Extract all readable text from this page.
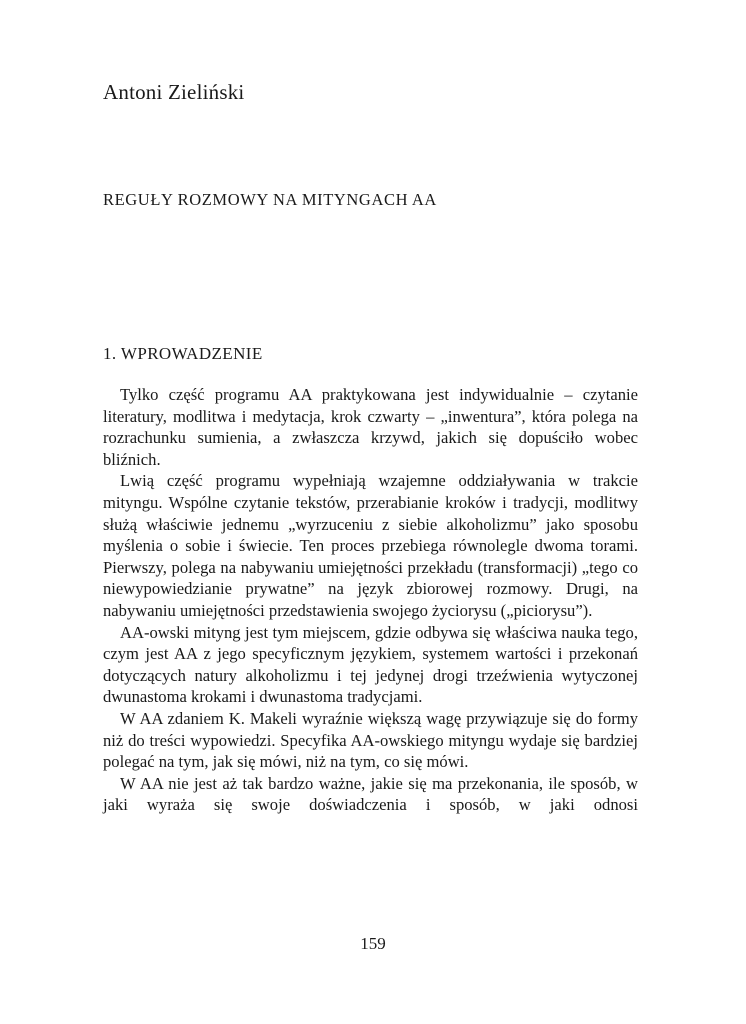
Antoni Zieliński
REGUŁY ROZMOWY NA MITYNGACH AA
1. WPROWADZENIE

Tylko część programu AA praktykowana jest indywidualnie – czytanie literatury, modlitwa i medytacja, krok czwarty – „inwentura”, która polega na rozrachunku sumienia, a zwłaszcza krzywd, jakich się dopuściło wobec bliźnich.

Lwią część programu wypełniają wzajemne oddziaływania w trakcie mityngu. Wspólne czytanie tekstów, przerabianie kroków i tradycji, modlitwy służą właściwie jednemu „wyrzuceniu z siebie alkoholizmu” jako sposobu myślenia o sobie i świecie. Ten proces przebiega równolegle dwoma torami. Pierwszy, polega na nabywaniu umiejętności przekładu (transformacji) „tego co niewypowiedzianie prywatne” na język zbiorowej rozmowy. Drugi, na nabywaniu umiejętności przedstawienia swojego życiorysu („piciorysu”).

AA-owski mityng jest tym miejscem, gdzie odbywa się właściwa nauka tego, czym jest AA z jego specyficznym językiem, systemem wartości i przekonań dotyczących natury alkoholizmu i tej jedynej drogi trzeźwienia wytyczonej dwunastoma krokami i dwunastoma tradycjami.

W AA zdaniem K. Makeli wyraźnie większą wagę przywiązuje się do formy niż do treści wypowiedzi. Specyfika AA-owskiego mityngu wydaje się bardziej polegać na tym, jak się mówi, niż na tym, co się mówi.

W AA nie jest aż tak bardzo ważne, jakie się ma przekonania, ile sposób, w jaki wyraża się swoje doświadczenia i sposób, w jaki odnosi

159
